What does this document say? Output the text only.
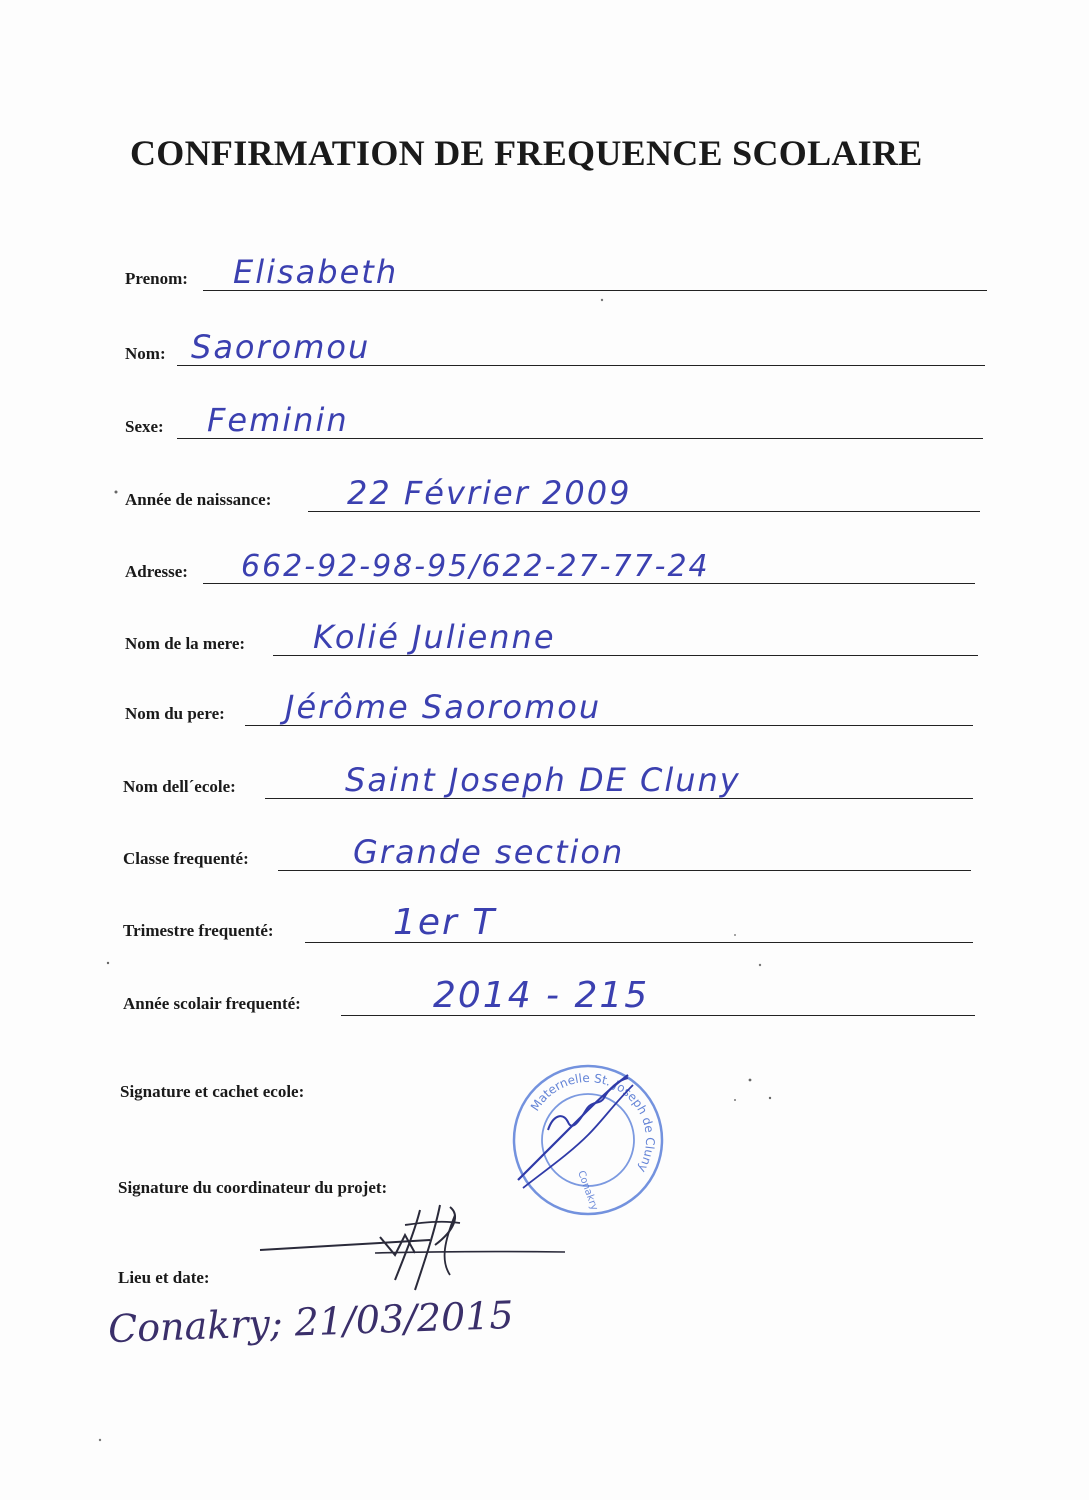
CONFIRMATION DE FREQUENCE SCOLAIRE
Prenom: Elisabeth
Nom: Saoromou
Sexe: Feminin
Année de naissance: 22 Février 2009
Adresse: 662-92-98-95/622-27-77-24
Nom de la mere: Kolié Julienne
Nom du pere: Jérôme Saoromou
Nom dell´ecole:	Saint Joseph DE Cluny
Classe frequenté:	Grande section
Trimestre frequenté:	1er T
Année scolair frequenté:	2014 - 215
Signature et cachet ecole:
Signature du coordinateur du projet:
Lieu et date:
Conakry; 21/03/2015
Maternelle St. Joseph de Cluny
Conakry
